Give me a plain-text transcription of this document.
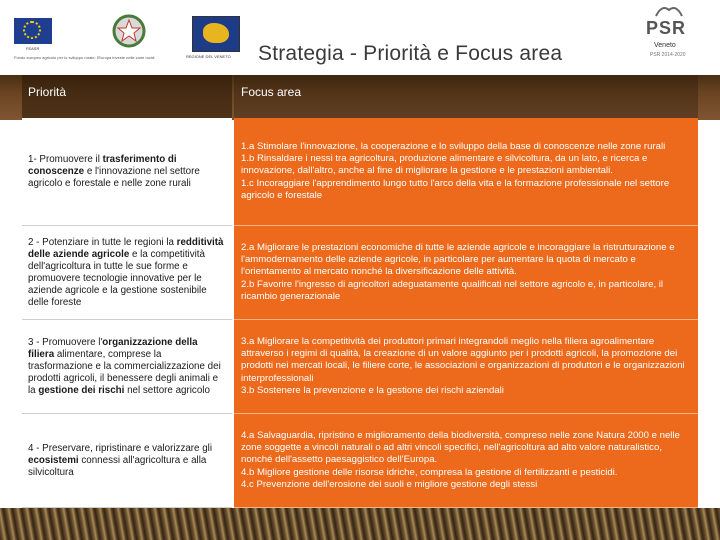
FEASR
REGIONE DEL VENETO
Fondo europeo agricolo per lo sviluppo rurale: l'Europa investe nelle zone rurali	Strategia - Priorità e Focus area
PSR
Veneto
PSR 2014-2020
Priorità	Focus area
1- Promuovere il trasferimento di conoscenze e l'innovazione nel settore agricolo e forestale e nelle zone rurali

1.a Stimolare l'innovazione, la cooperazione e lo sviluppo della base di conoscenze nelle zone rurali

1.b Rinsaldare i nessi tra agricoltura, produzione alimentare e silvicoltura, da un lato, e ricerca e innovazione, dall'altro, anche al fine di migliorare la gestione e le prestazioni ambientali.

1.c Incoraggiare l'apprendimento lungo tutto l'arco della vita e la formazione professionale nel settore agricolo e forestale

2 - Potenziare in tutte le regioni la redditività delle aziende agricole e la competitività dell'agricoltura in tutte le sue forme e promuovere tecnologie innovative per le aziende agricole e la gestione sostenibile delle foreste

2.a Migliorare le prestazioni economiche di tutte le aziende agricole e incoraggiare la ristrutturazione e l'ammodernamento delle aziende agricole, in particolare per aumentare la quota di mercato e l'orientamento al mercato nonché la diversificazione delle attività.

2.b Favorire l'ingresso di agricoltori adeguatamente qualificati nel settore agricolo e, in particolare, il ricambio generazionale

3 - Promuovere l'organizzazione della filiera alimentare, comprese la trasformazione e la commercializzazione dei prodotti agricoli, il benessere degli animali e la gestione dei rischi nel settore agricolo

3.a Migliorare la competitività dei produttori primari integrandoli meglio nella filiera agroalimentare attraverso i regimi di qualità, la creazione di un valore aggiunto per i prodotti agricoli, la promozione dei prodotti nei mercati locali, le filiere corte, le associazioni e organizzazioni di produttori e le organizzazioni interprofessionali

3.b Sostenere la prevenzione e la gestione dei rischi aziendali

4 - Preservare, ripristinare e valorizzare gli ecosistemi connessi all'agricoltura e alla silvicoltura

4.a Salvaguardia, ripristino e miglioramento della biodiversità, compreso nelle zone Natura 2000 e nelle zone soggette a vincoli naturali o ad altri vincoli specifici, nell'agricoltura ad alto valore naturalistico, nonché dell'assetto paesaggistico dell'Europa.

4.b Migliore gestione delle risorse idriche, compresa la gestione di fertilizzanti e pesticidi.

4.c Prevenzione dell'erosione dei suoli e migliore gestione degli stessi
